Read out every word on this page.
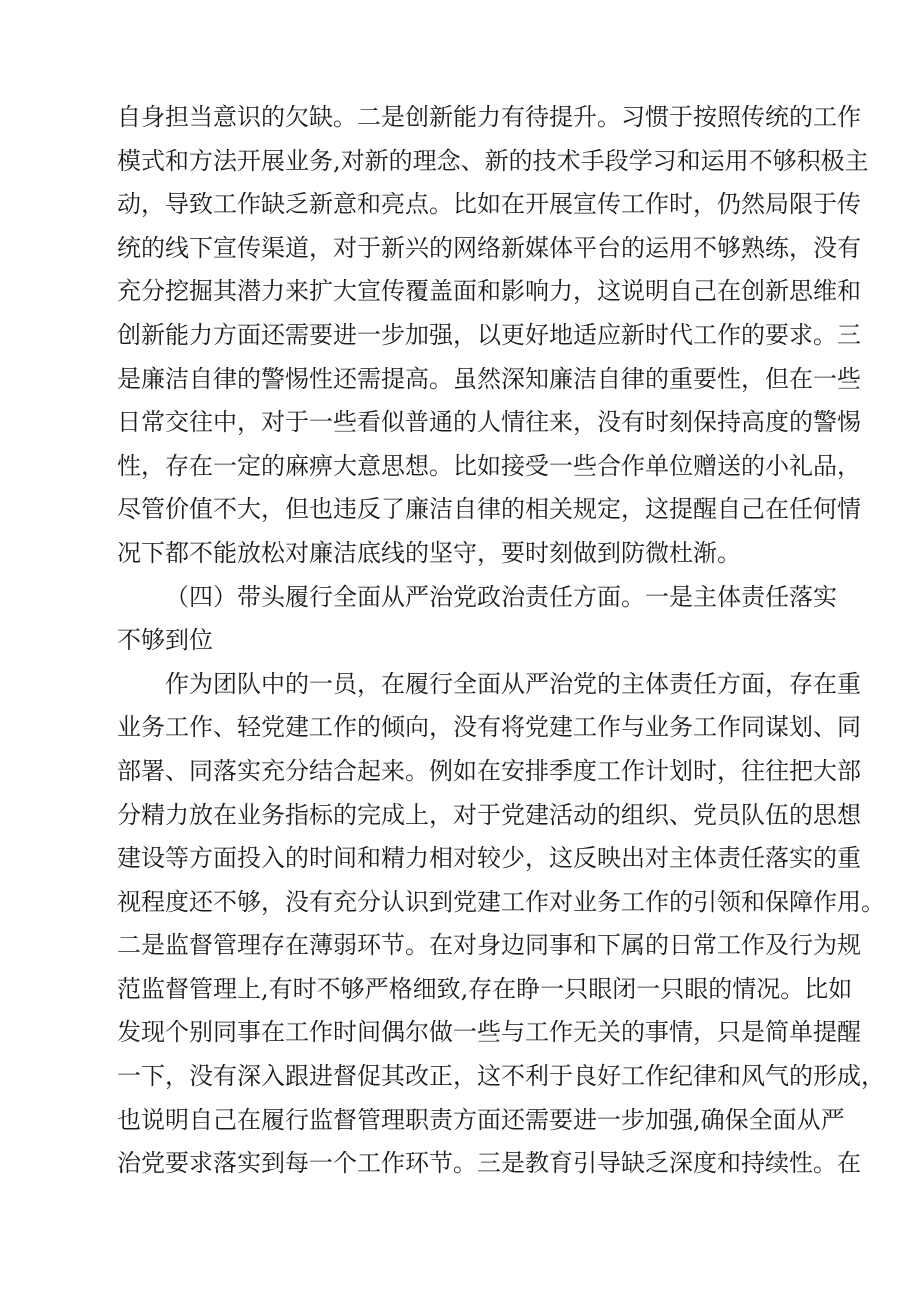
自身担当意识的欠缺。二是创新能力有待提升。习惯于按照传统的工作
模式和方法开展业务,对新的理念、新的技术手段学习和运用不够积极主
动，导致工作缺乏新意和亮点。比如在开展宣传工作时，仍然局限于传
统的线下宣传渠道，对于新兴的网络新媒体平台的运用不够熟练，没有
充分挖掘其潜力来扩大宣传覆盖面和影响力，这说明自己在创新思维和
创新能力方面还需要进一步加强，以更好地适应新时代工作的要求。三
是廉洁自律的警惕性还需提高。虽然深知廉洁自律的重要性，但在一些
日常交往中，对于一些看似普通的人情往来，没有时刻保持高度的警惕
性，存在一定的麻痹大意思想。比如接受一些合作单位赠送的小礼品，
尽管价值不大，但也违反了廉洁自律的相关规定，这提醒自己在任何情
况下都不能放松对廉洁底线的坚守，要时刻做到防微杜渐。
（四）带头履行全面从严治党政治责任方面。一是主体责任落实
不够到位
作为团队中的一员，在履行全面从严治党的主体责任方面，存在重
业务工作、轻党建工作的倾向，没有将党建工作与业务工作同谋划、同
部署、同落实充分结合起来。例如在安排季度工作计划时，往往把大部
分精力放在业务指标的完成上，对于党建活动的组织、党员队伍的思想
建设等方面投入的时间和精力相对较少，这反映出对主体责任落实的重
视程度还不够，没有充分认识到党建工作对业务工作的引领和保障作用。
二是监督管理存在薄弱环节。在对身边同事和下属的日常工作及行为规
范监督管理上,有时不够严格细致,存在睁一只眼闭一只眼的情况。比如
发现个别同事在工作时间偶尔做一些与工作无关的事情，只是简单提醒
一下，没有深入跟进督促其改正，这不利于良好工作纪律和风气的形成，
也说明自己在履行监督管理职责方面还需要进一步加强,确保全面从严
治党要求落实到每一个工作环节。三是教育引导缺乏深度和持续性。在
